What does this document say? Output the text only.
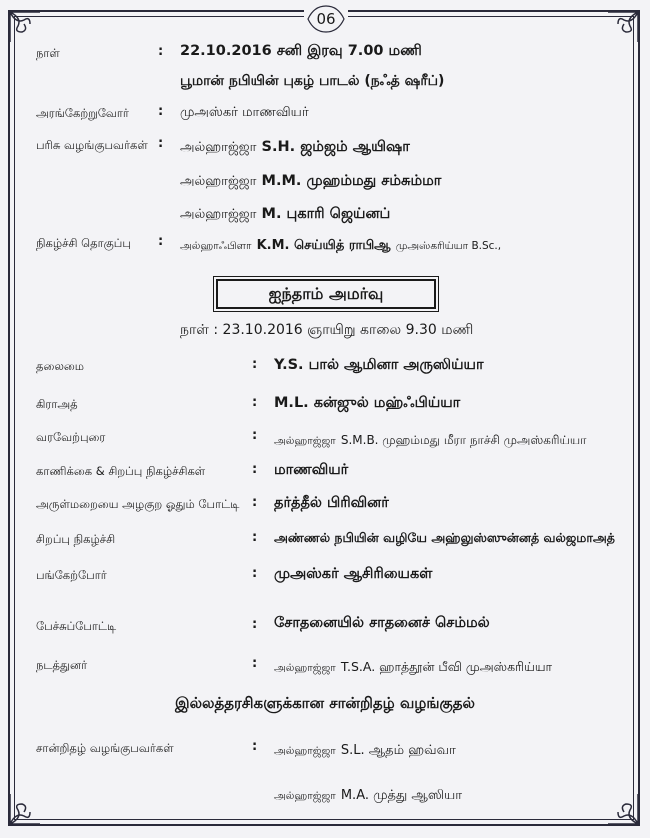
06
நாள்	: 22.10.2016 சனி இரவு 7.00 மணி
பூமான் நபியின் புகழ் பாடல் (நஃத் ஷரீப்)
அரங்கேற்றுவோர் : முஅஸ்கர் மாணவியர்
பரிசு வழங்குபவர்கள் : அல்ஹாஜ்ஜா S.H. ஜம்ஜம் ஆயிஷா
அல்ஹாஜ்ஜா M.M. முஹம்மது சம்சும்மா
அல்ஹாஜ்ஜா M. புகாரி ஜெய்னப்
நிகழ்ச்சி தொகுப்பு : அல்ஹாஃபிளா K.M. செய்யித் ராபிஆ முஅஸ்கரிய்யா B.Sc.,
ஐந்தாம் அமர்வு
நாள் : 23.10.2016 ஞாயிறு காலை 9.30 மணி
தலைமை	: Y.S. பால் ஆமினா அருஸிய்யா
கிராஅத்	: M.L. கன்ஜுல் மஹ்ஃபிய்யா
வரவேற்புரை	: அல்ஹாஜ்ஜா S.M.B. முஹம்மது மீரா நாச்சி முஅஸ்கரிய்யா
காணிக்கை & சிறப்பு நிகழ்ச்சிகள்	: மாணவியர்
அருள்மறையை அழகுற ஓதும் போட்டி : தர்த்தீல் பிரிவினர்
சிறப்பு நிகழ்ச்சி	: அண்ணல் நபியின் வழியே அஹ்லுஸ்ஸுன்னத் வல்ஜமாஅத்
பங்கேற்போர்	: முஅஸ்கர் ஆசிரியைகள்
பேச்சுப்போட்டி	: சோதனையில் சாதனைச் செம்மல்
நடத்துனர்	: அல்ஹாஜ்ஜா T.S.A. ஹாத்தூன் பீவி முஅஸ்கரிய்யா
இல்லத்தரசிகளுக்கான சான்றிதழ் வழங்குதல்
சான்றிதழ் வழங்குபவர்கள்	: அல்ஹாஜ்ஜா S.L. ஆதம் ஹவ்வா
அல்ஹாஜ்ஜா M.A. முத்து ஆஸியா
